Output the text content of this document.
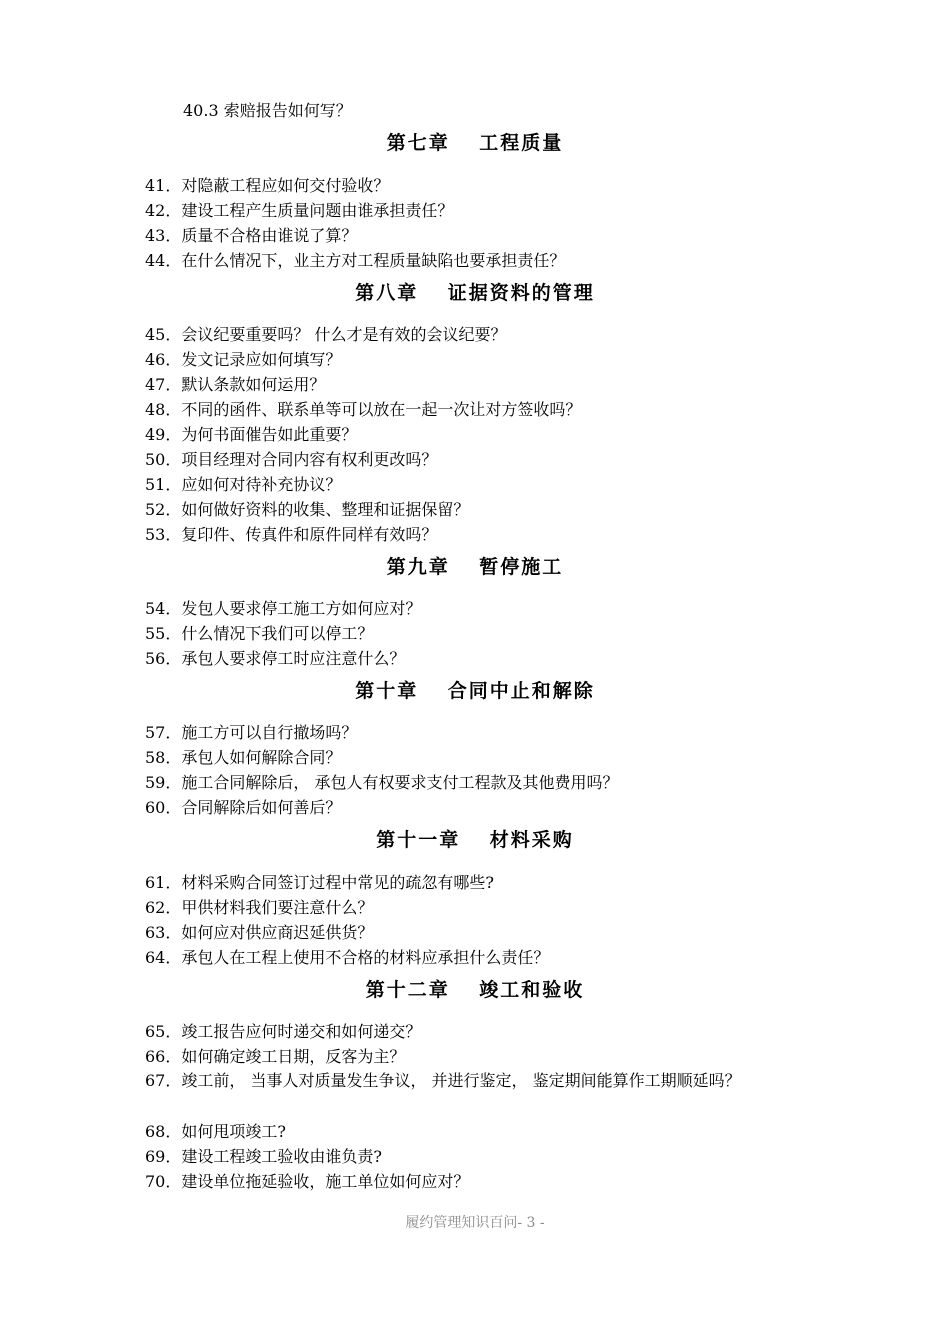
40.3 索赔报告如何写？
第七章　 工程质量
41．对隐蔽工程应如何交付验收？
42．建设工程产生质量问题由谁承担责任？
43．质量不合格由谁说了算？
44．在什么情况下，业主方对工程质量缺陷也要承担责任？
第八章　 证据资料的管理
45．会议纪要重要吗？ 什么才是有效的会议纪要？
46．发文记录应如何填写？
47．默认条款如何运用？
48．不同的函件、联系单等可以放在一起一次让对方签收吗？
49．为何书面催告如此重要？
50．项目经理对合同内容有权利更改吗？
51．应如何对待补充协议？
52．如何做好资料的收集、整理和证据保留？
53．复印件、传真件和原件同样有效吗？
第九章　 暂停施工
54．发包人要求停工施工方如何应对？
55．什么情况下我们可以停工？
56．承包人要求停工时应注意什么？
第十章　 合同中止和解除
57．施工方可以自行撤场吗？
58．承包人如何解除合同？
59．施工合同解除后， 承包人有权要求支付工程款及其他费用吗？
60．合同解除后如何善后？
第十一章　 材料采购
61．材料采购合同签订过程中常见的疏忽有哪些?
62．甲供材料我们要注意什么？
63．如何应对供应商迟延供货？
64．承包人在工程上使用不合格的材料应承担什么责任？
第十二章　 竣工和验收
65．竣工报告应何时递交和如何递交？
66．如何确定竣工日期，反客为主？
67．竣工前， 当事人对质量发生争议， 并进行鉴定， 鉴定期间能算作工期顺延吗？
68．如何甩项竣工?
69．建设工程竣工验收由谁负责?
70．建设单位拖延验收，施工单位如何应对？
履约管理知识百问- 3 -
